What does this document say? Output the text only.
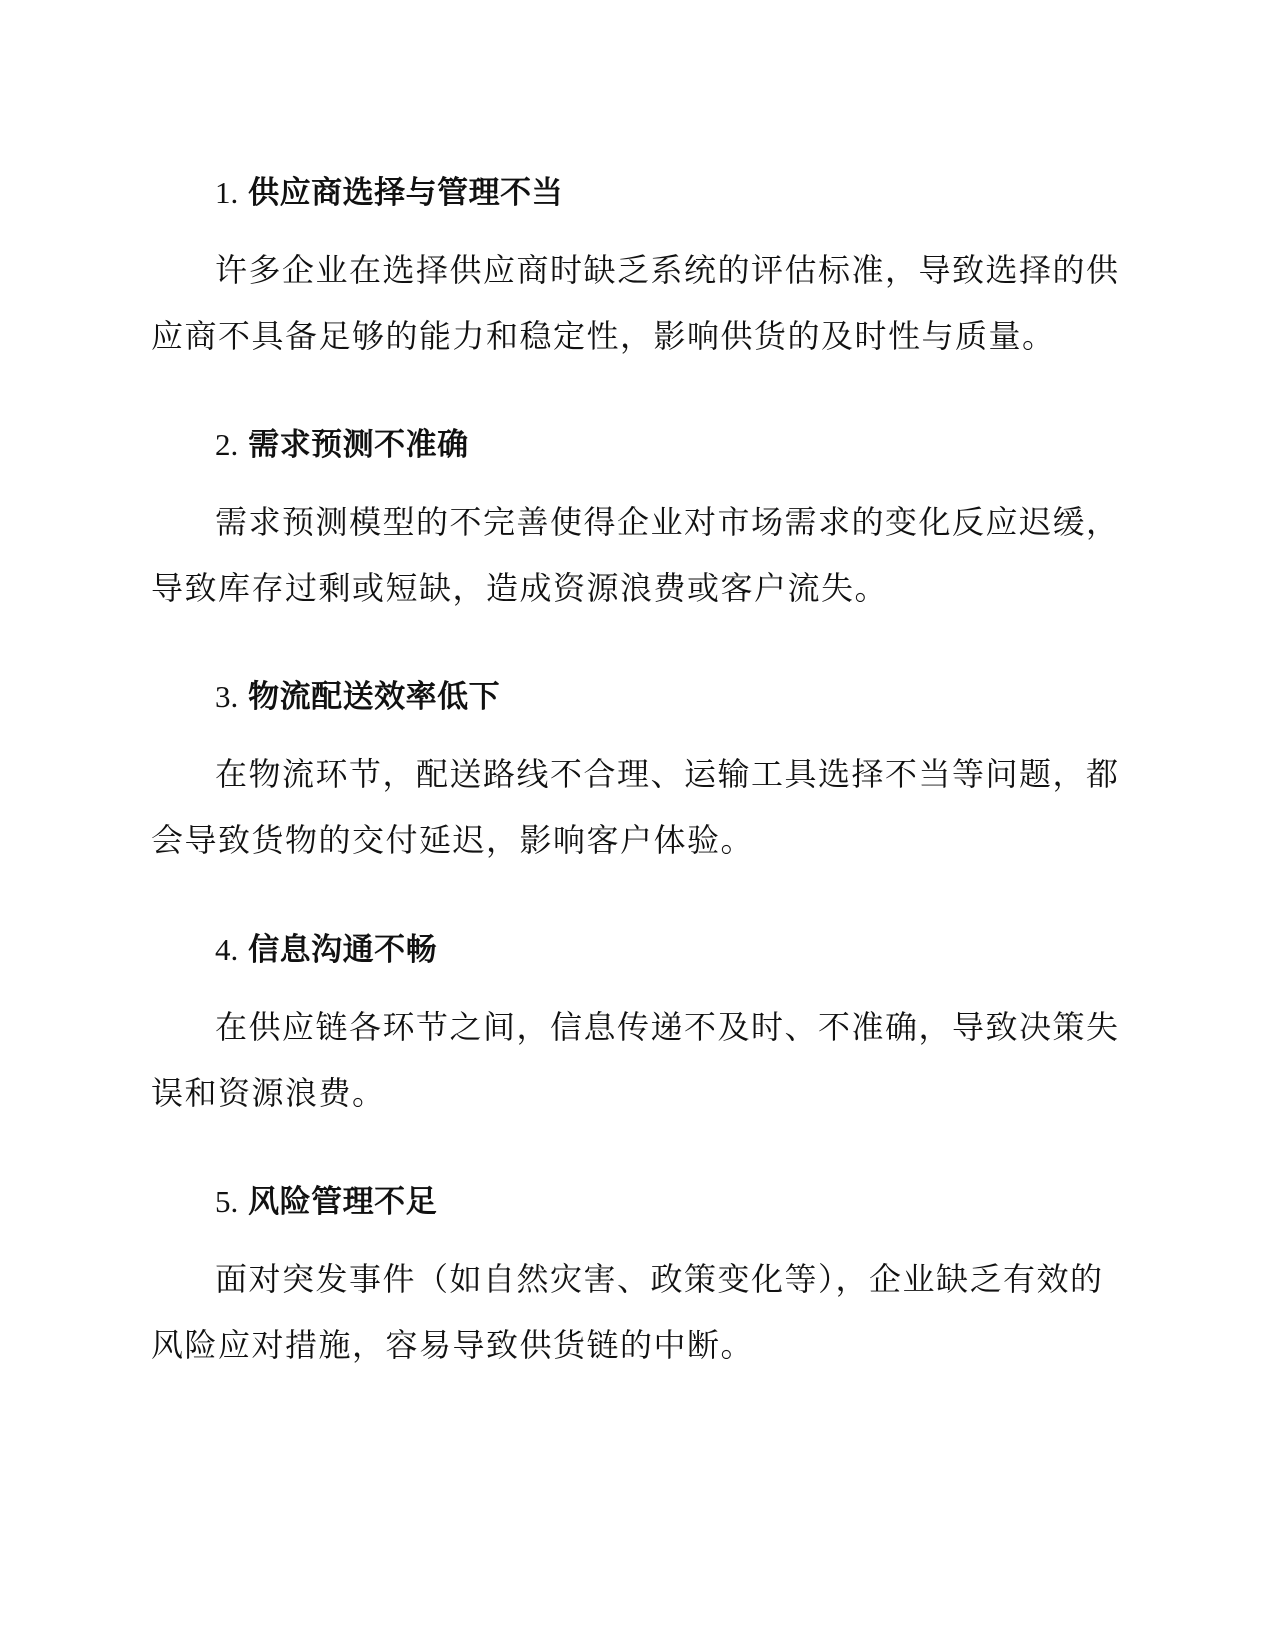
1. 供应商选择与管理不当

许多企业在选择供应商时缺乏系统的评估标准，导致选择的供应商不具备足够的能力和稳定性，影响供货的及时性与质量。

2. 需求预测不准确

需求预测模型的不完善使得企业对市场需求的变化反应迟缓，导致库存过剩或短缺，造成资源浪费或客户流失。

3. 物流配送效率低下

在物流环节，配送路线不合理、运输工具选择不当等问题，都会导致货物的交付延迟，影响客户体验。

4. 信息沟通不畅

在供应链各环节之间，信息传递不及时、不准确，导致决策失误和资源浪费。

5. 风险管理不足

面对突发事件（如自然灾害、政策变化等），企业缺乏有效的风险应对措施，容易导致供货链的中断。
